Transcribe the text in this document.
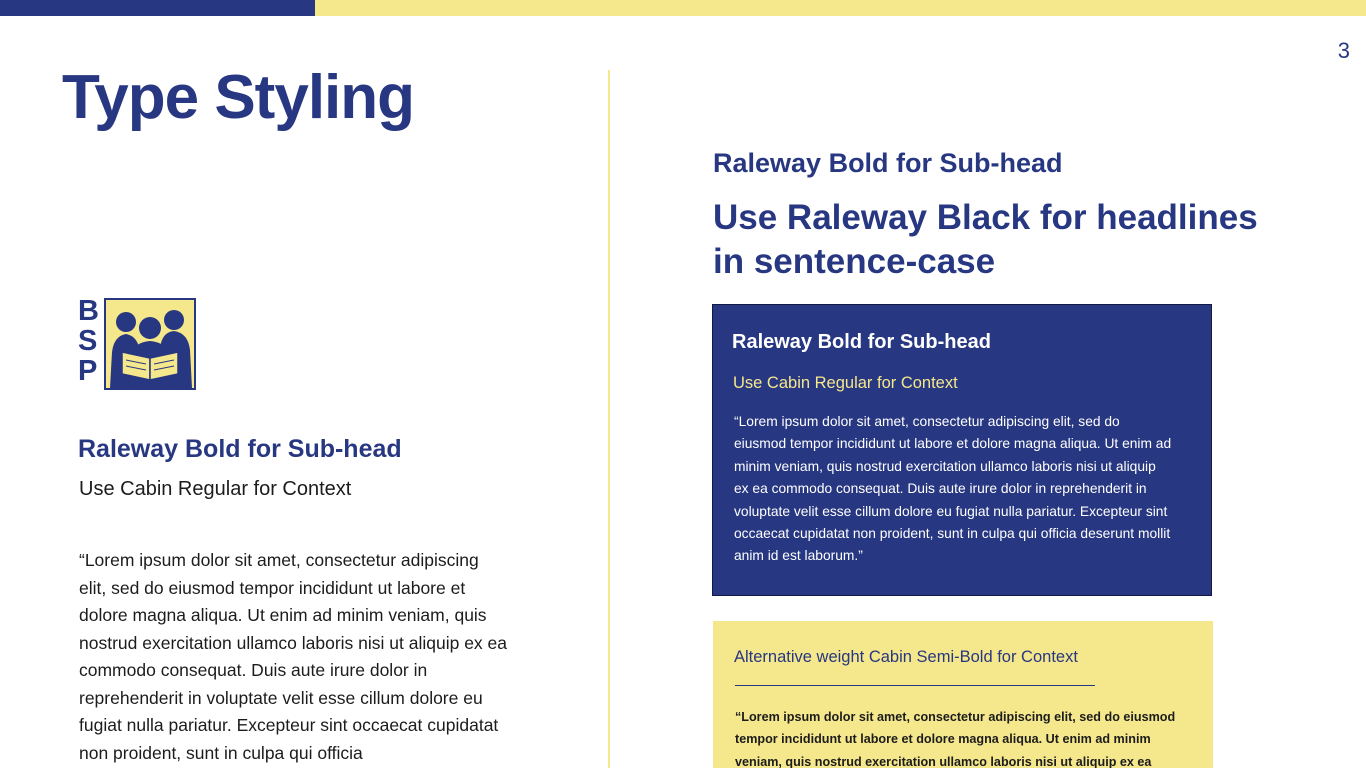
3
Type Styling
B
S
P
Raleway Bold for Sub-head
Use Cabin Regular for Context

“Lorem ipsum dolor sit amet, consectetur adipiscing elit, sed do eiusmod tempor incididunt ut labore et dolore magna aliqua. Ut enim ad minim veniam, quis nostrud exercitation ullamco laboris nisi ut aliquip ex ea commodo consequat. Duis aute irure dolor in reprehenderit in voluptate velit esse cillum dolore eu fugiat nulla pariatur. Excepteur sint occaecat cupidatat non proident, sunt in culpa qui officia

Raleway Bold for Sub-head
Use Raleway Black for headlines in sentence-case
Raleway Bold for Sub-head
Use Cabin Regular for Context

“Lorem ipsum dolor sit amet, consectetur adipiscing elit, sed do eiusmod tempor incididunt ut labore et dolore magna aliqua. Ut enim ad minim veniam, quis nostrud exercitation ullamco laboris nisi ut aliquip ex ea commodo consequat. Duis aute irure dolor in reprehenderit in voluptate velit esse cillum dolore eu fugiat nulla pariatur. Excepteur sint occaecat cupidatat non proident, sunt in culpa qui officia deserunt mollit anim id est laborum.”

Alternative weight Cabin Semi-Bold for Context

“Lorem ipsum dolor sit amet, consectetur adipiscing elit, sed do eiusmod tempor incididunt ut labore et dolore magna aliqua. Ut enim ad minim veniam, quis nostrud exercitation ullamco laboris nisi ut aliquip ex ea
